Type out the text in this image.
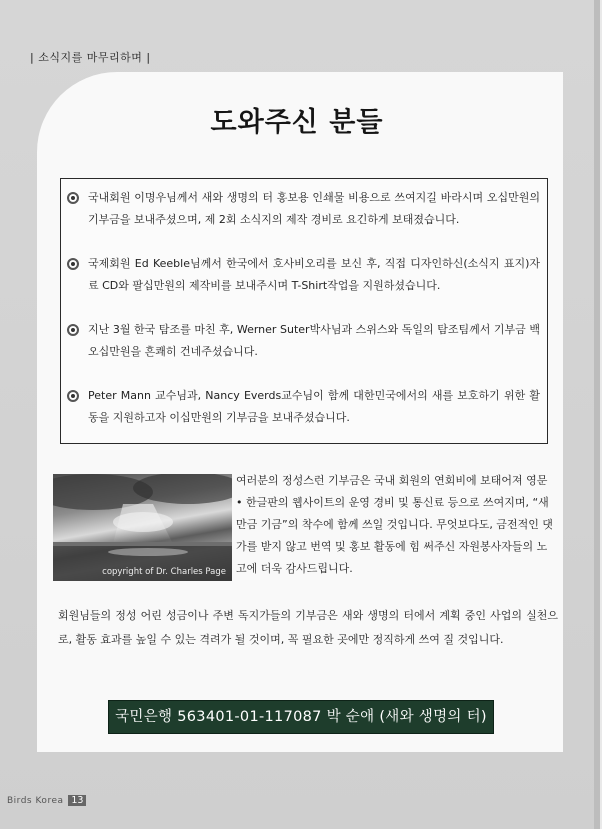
| 소식지를 마무리하며 |
도와주신 분들
국내회원 이명우님께서 새와 생명의 터 홍보용 인쇄물 비용으로 쓰여지길 바라시며 오십만원의 기부금을 보내주셨으며, 제 2회 소식지의 제작 경비로 요긴하게 보태졌습니다.
국제회원 Ed Keeble님께서 한국에서 호사비오리를 보신 후, 직접 디자인하신(소식지 표지)자료 CD와 팔십만원의 제작비를 보내주시며 T-Shirt작업을 지원하셨습니다.
지난 3월 한국 탐조를 마친 후, Werner Suter박사님과 스위스와 독일의 탐조팀께서 기부금 백오십만원을 흔쾌히 건네주셨습니다.
Peter Mann 교수님과, Nancy Everds교수님이 함께 대한민국에서의 새를 보호하기 위한 활동을 지원하고자 이십만원의 기부금을 보내주셨습니다.
copyright of Dr. Charles Page
여러분의 정성스런 기부금은 국내 회원의 연회비에 보태어져 영문 • 한글판의 웹사이트의 운영 경비 및 통신료 등으로 쓰여지며, “새만금 기금”의 착수에 함께 쓰일 것입니다. 무엇보다도, 금전적인 댓가를 받지 않고 번역 및 홍보 활동에 힘 써주신 자원봉사자들의 노고에 더욱 감사드립니다.
회원님들의 정성 어린 성금이나 주변 독지가들의 기부금은 새와 생명의 터에서 계획 중인 사업의 실천으로, 활동 효과를 높일 수 있는 격려가 될 것이며, 꼭 필요한 곳에만 정직하게 쓰여 질 것입니다.
국민은행 563401-01-117087 박 순애 (새와 생명의 터)
Birds Korea 13
